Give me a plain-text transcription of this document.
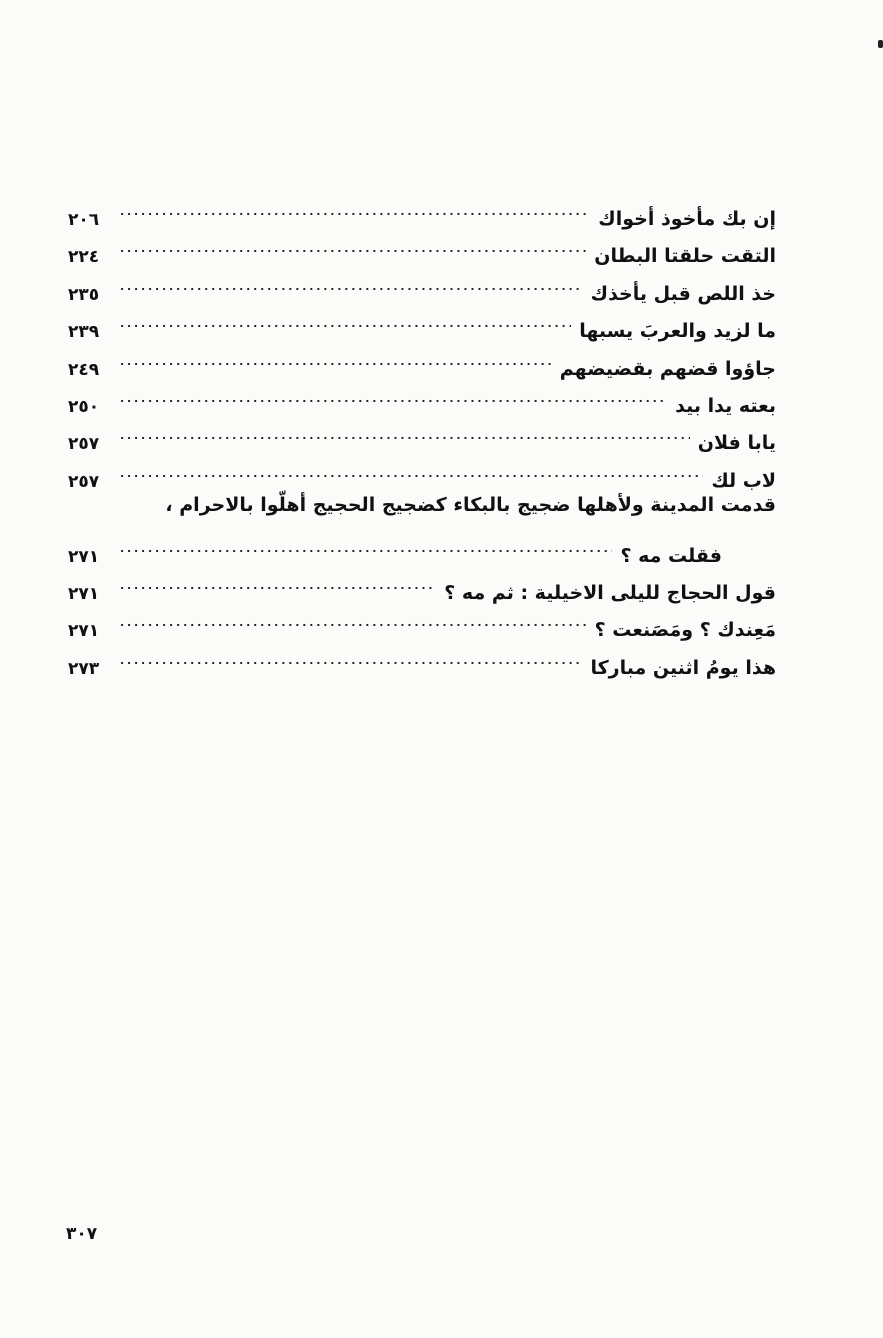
إن بك مأخوذ أخواك
. . .
٢٠٦
التقت حلقتا البطان
. . .
٢٢٤
خذ اللص قبل يأخذك
. . .
٢٣٥
ما لزيد والعربَ يسبها
. . .
٢٣٩
جاؤوا قضهم بقضيضهم
. . .
٢٤٩
بعته يدا بيد
. . .
٢٥٠
يابا فلان
. . .
٢٥٧
لاب لك
. . .
٢٥٧
قدمت المدينة ولأهلها ضجيج بالبكاء كضجيج الحجيج أهلّوا بالاحرام ،
فقلت مه ؟
. . .
٢٧١
قول الحجاج لليلى الاخيلية : ثم مه ؟
. . .
٢٧١
مَعِندك ؟ ومَصَنعت ؟
. . .
٢٧١
هذا يومُ اثنين مباركا
. . .
٢٧٣
٣٠٧
